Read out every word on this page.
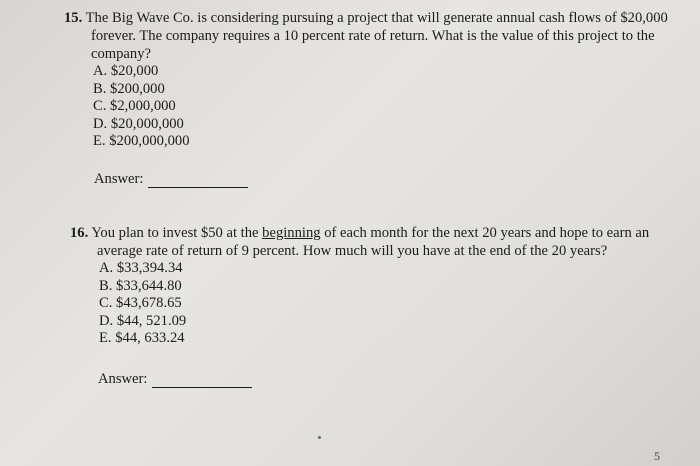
15. The Big Wave Co. is considering pursuing a project that will generate annual cash flows of $20,000 forever. The company requires a 10 percent rate of return. What is the value of this project to the company?

A. $20,000
B. $200,000
C. $2,000,000
D. $20,000,000
E. $200,000,000
Answer:

16. You plan to invest $50 at the beginning of each month for the next 20 years and hope to earn an average rate of return of 9 percent. How much will you have at the end of the 20 years?

A. $33,394.34
B. $33,644.80
C. $43,678.65
D. $44, 521.09
E. $44, 633.24
Answer:
5
